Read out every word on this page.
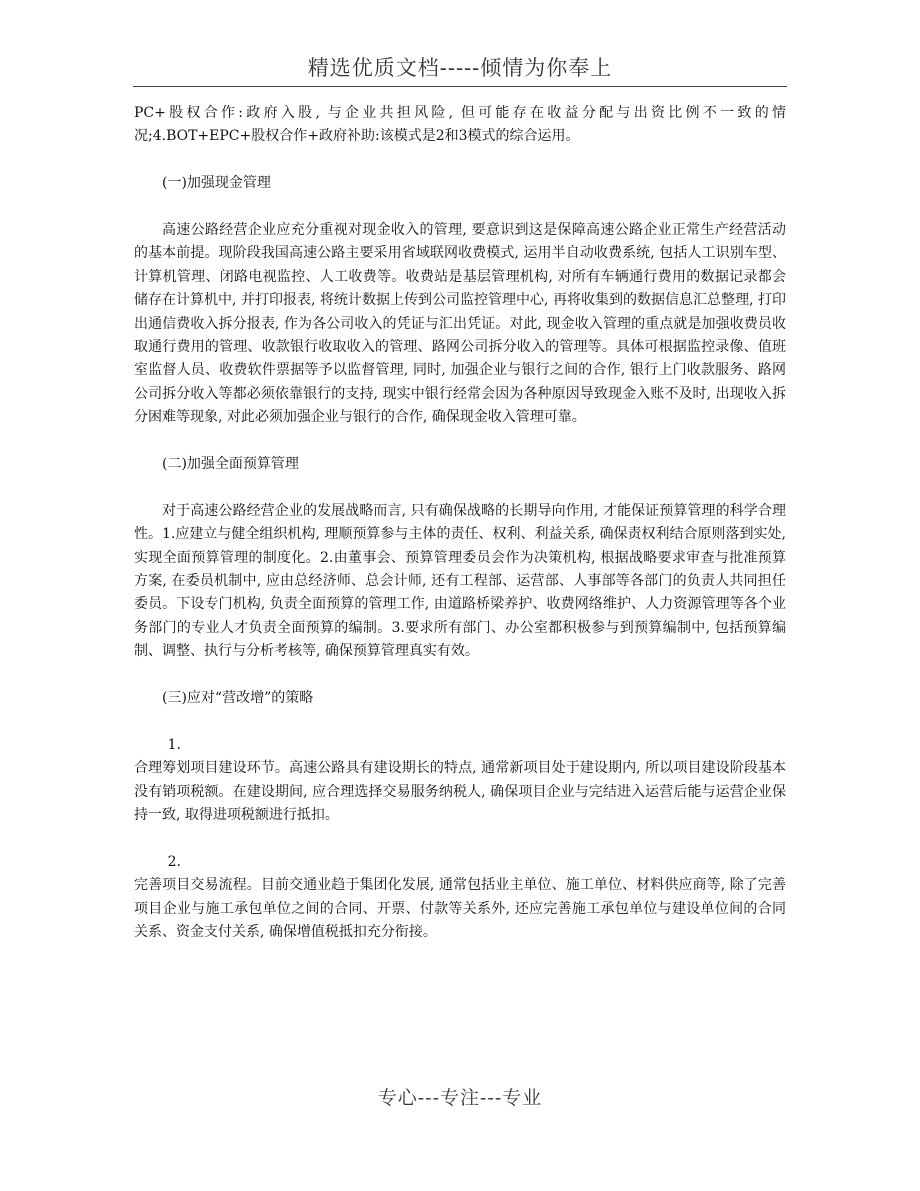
精选优质文档-----倾情为你奉上

PC+股权合作:政府入股, 与企业共担风险, 但可能存在收益分配与出资比例不一致的情况;4.BOT+EPC+股权合作+政府补助:该模式是2和3模式的综合运用。

(一)加强现金管理

高速公路经营企业应充分重视对现金收入的管理, 要意识到这是保障高速公路企业正常生产经营活动的基本前提。现阶段我国高速公路主要采用省域联网收费模式, 运用半自动收费系统, 包括人工识别车型、计算机管理、闭路电视监控、人工收费等。收费站是基层管理机构, 对所有车辆通行费用的数据记录都会储存在计算机中, 并打印报表, 将统计数据上传到公司监控管理中心, 再将收集到的数据信息汇总整理, 打印出通信费收入拆分报表, 作为各公司收入的凭证与汇出凭证。对此, 现金收入管理的重点就是加强收费员收取通行费用的管理、收款银行收取收入的管理、路网公司拆分收入的管理等。具体可根据监控录像、值班室监督人员、收费软件票据等予以监督管理, 同时, 加强企业与银行之间的合作, 银行上门收款服务、路网公司拆分收入等都必须依靠银行的支持, 现实中银行经常会因为各种原因导致现金入账不及时, 出现收入拆分困难等现象, 对此必须加强企业与银行的合作, 确保现金收入管理可靠。

(二)加强全面预算管理

对于高速公路经营企业的发展战略而言, 只有确保战略的长期导向作用, 才能保证预算管理的科学合理性。1.应建立与健全组织机构, 理顺预算参与主体的责任、权利、利益关系, 确保责权利结合原则落到实处, 实现全面预算管理的制度化。2.由董事会、预算管理委员会作为决策机构, 根据战略要求审查与批准预算方案, 在委员机制中, 应由总经济师、总会计师, 还有工程部、运营部、人事部等各部门的负责人共同担任委员。下设专门机构, 负责全面预算的管理工作, 由道路桥梁养护、收费网络维护、人力资源管理等各个业务部门的专业人才负责全面预算的编制。3.要求所有部门、办公室都积极参与到预算编制中, 包括预算编制、调整、执行与分析考核等, 确保预算管理真实有效。

(三)应对“营改增”的策略

1.

合理筹划项目建设环节。高速公路具有建设期长的特点, 通常新项目处于建设期内, 所以项目建设阶段基本没有销项税额。在建设期间, 应合理选择交易服务纳税人, 确保项目企业与完结进入运营后能与运营企业保持一致, 取得进项税额进行抵扣。

2.

完善项目交易流程。目前交通业趋于集团化发展, 通常包括业主单位、施工单位、材料供应商等, 除了完善项目企业与施工承包单位之间的合同、开票、付款等关系外, 还应完善施工承包单位与建设单位间的合同关系、资金支付关系, 确保增值税抵扣充分衔接。

专心---专注---专业
